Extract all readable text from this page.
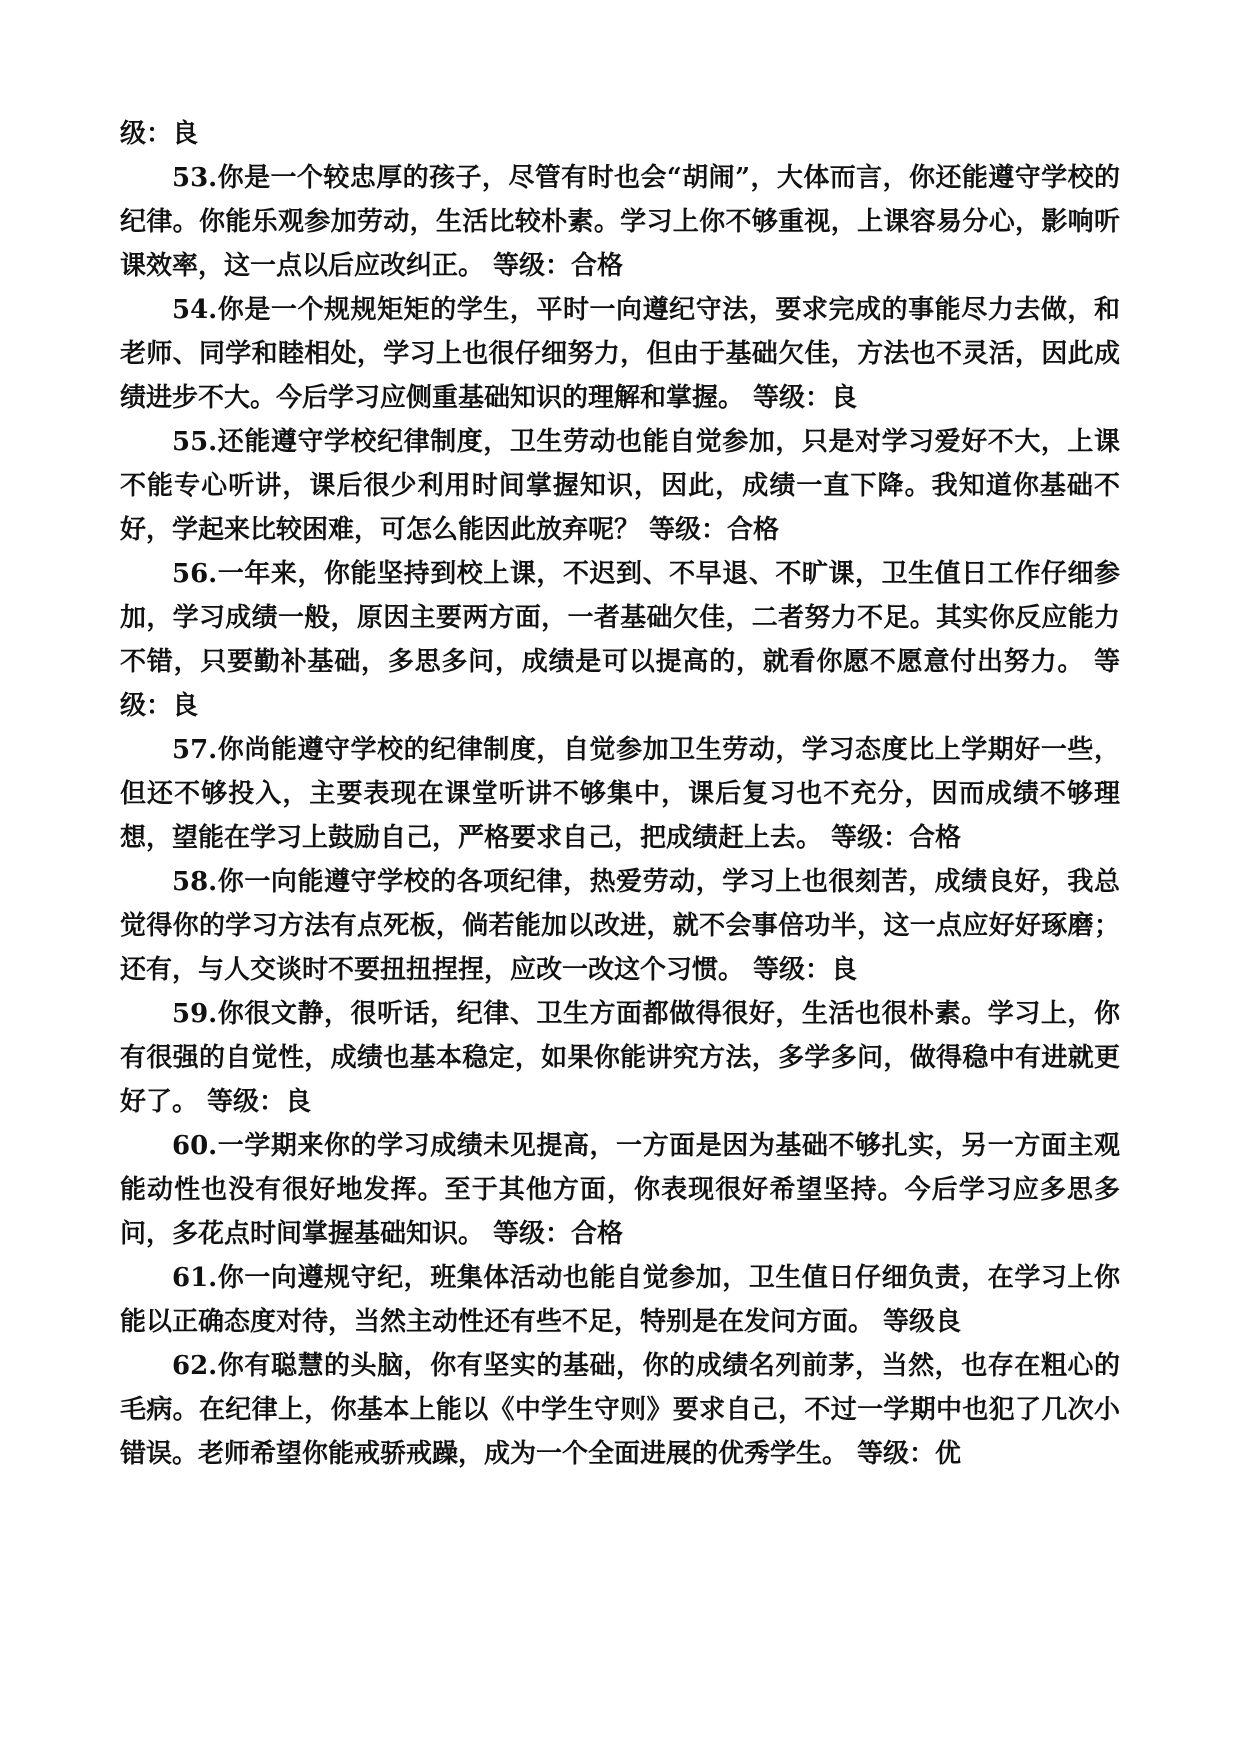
级：良

53.你是一个较忠厚的孩子，尽管有时也会“胡闹”，大体而言，你还能遵守学校的纪律。你能乐观参加劳动，生活比较朴素。学习上你不够重视，上课容易分心，影响听课效率，这一点以后应改纠正。 等级：合格

54.你是一个规规矩矩的学生，平时一向遵纪守法，要求完成的事能尽力去做，和老师、同学和睦相处，学习上也很仔细努力，但由于基础欠佳，方法也不灵活，因此成绩进步不大。今后学习应侧重基础知识的理解和掌握。 等级：良

55.还能遵守学校纪律制度，卫生劳动也能自觉参加，只是对学习爱好不大，上课不能专心听讲，课后很少利用时间掌握知识，因此，成绩一直下降。我知道你基础不好，学起来比较困难，可怎么能因此放弃呢？ 等级：合格

56.一年来，你能坚持到校上课，不迟到、不早退、不旷课，卫生值日工作仔细参加，学习成绩一般，原因主要两方面，一者基础欠佳，二者努力不足。其实你反应能力不错，只要勤补基础，多思多问，成绩是可以提高的，就看你愿不愿意付出努力。 等级：良

57.你尚能遵守学校的纪律制度，自觉参加卫生劳动，学习态度比上学期好一些，但还不够投入，主要表现在课堂听讲不够集中，课后复习也不充分，因而成绩不够理想，望能在学习上鼓励自己，严格要求自己，把成绩赶上去。 等级：合格

58.你一向能遵守学校的各项纪律，热爱劳动，学习上也很刻苦，成绩良好，我总觉得你的学习方法有点死板，倘若能加以改进，就不会事倍功半，这一点应好好琢磨；还有，与人交谈时不要扭扭捏捏，应改一改这个习惯。 等级：良

59.你很文静，很听话，纪律、卫生方面都做得很好，生活也很朴素。学习上，你有很强的自觉性，成绩也基本稳定，如果你能讲究方法，多学多问，做得稳中有进就更好了。 等级：良

60.一学期来你的学习成绩未见提高，一方面是因为基础不够扎实，另一方面主观能动性也没有很好地发挥。至于其他方面，你表现很好希望坚持。今后学习应多思多问，多花点时间掌握基础知识。 等级：合格

61.你一向遵规守纪，班集体活动也能自觉参加，卫生值日仔细负责，在学习上你能以正确态度对待，当然主动性还有些不足，特别是在发问方面。 等级良

62.你有聪慧的头脑，你有坚实的基础，你的成绩名列前茅，当然，也存在粗心的毛病。在纪律上，你基本上能以《中学生守则》要求自己，不过一学期中也犯了几次小错误。老师希望你能戒骄戒躁，成为一个全面进展的优秀学生。 等级：优
